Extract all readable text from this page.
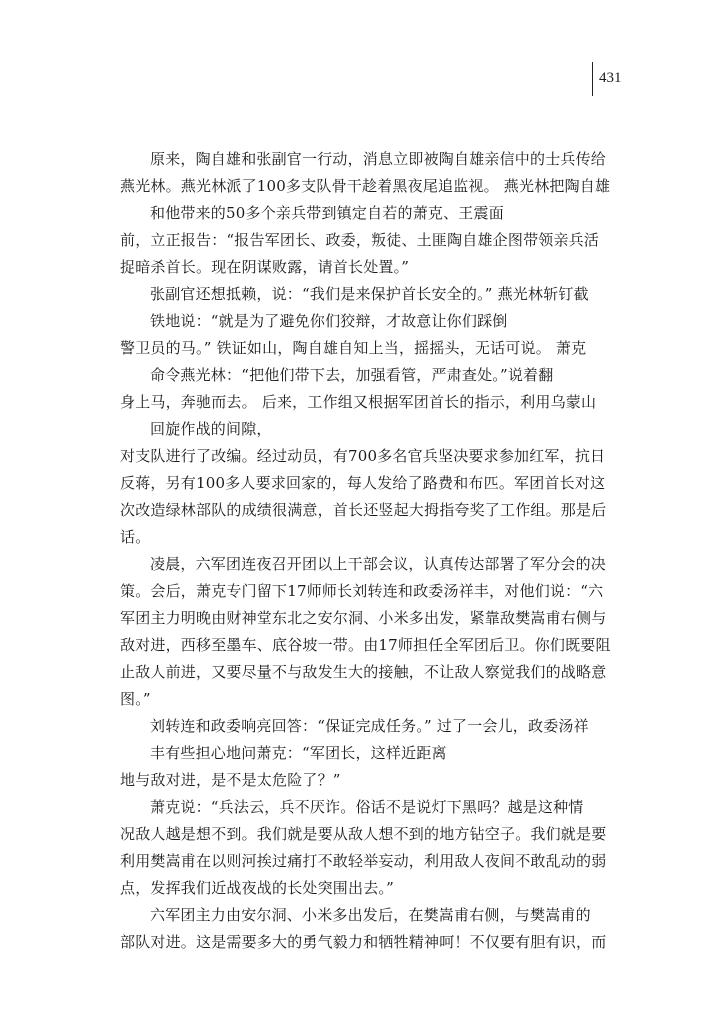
431
原来，陶自雄和张副官一行动，消息立即被陶自雄亲信中的士兵传给
燕光林。燕光林派了100多支队骨干趁着黑夜尾追监视。 燕光林把陶自雄
和他带来的50多个亲兵带到镇定自若的萧克、王震面
前，立正报告：“报告军团长、政委，叛徒、土匪陶自雄企图带领亲兵活
捉暗杀首长。现在阴谋败露，请首长处置。”
张副官还想抵赖，说：“我们是来保护首长安全的。” 燕光林斩钉截
铁地说：“就是为了避免你们狡辩，才故意让你们踩倒
警卫员的马。” 铁证如山，陶自雄自知上当，摇摇头，无话可说。 萧克
命令燕光林：“把他们带下去，加强看管，严肃查处。”说着翻
身上马，奔驰而去。 后来，工作组又根据军团首长的指示，利用乌蒙山
回旋作战的间隙，
对支队进行了改编。经过动员，有700多名官兵坚决要求参加红军，抗日
反蒋，另有100多人要求回家的，每人发给了路费和布匹。军团首长对这
次改造绿林部队的成绩很满意，首长还竖起大拇指夸奖了工作组。那是后
话。
凌晨，六军团连夜召开团以上干部会议，认真传达部署了军分会的决
策。会后，萧克专门留下17师师长刘转连和政委汤祥丰，对他们说：“六
军团主力明晚由财神堂东北之安尔洞、小米多出发，紧靠敌樊嵩甫右侧与
敌对进，西移至墨车、底谷坡一带。由17师担任全军团后卫。你们既要阻
止敌人前进，又要尽量不与敌发生大的接触，不让敌人察觉我们的战略意
图。”
刘转连和政委响亮回答：“保证完成任务。” 过了一会儿，政委汤祥
丰有些担心地问萧克：“军团长，这样近距离
地与敌对进，是不是太危险了？”
萧克说：“兵法云，兵不厌诈。俗话不是说灯下黑吗？越是这种情
况敌人越是想不到。我们就是要从敌人想不到的地方钻空子。我们就是要
利用樊嵩甫在以则河挨过痛打不敢轻举妄动，利用敌人夜间不敢乱动的弱
点，发挥我们近战夜战的长处突围出去。”
六军团主力由安尔洞、小米多出发后，在樊嵩甫右侧，与樊嵩甫的
部队对进。这是需要多大的勇气毅力和牺牲精神呵！不仅要有胆有识，而
